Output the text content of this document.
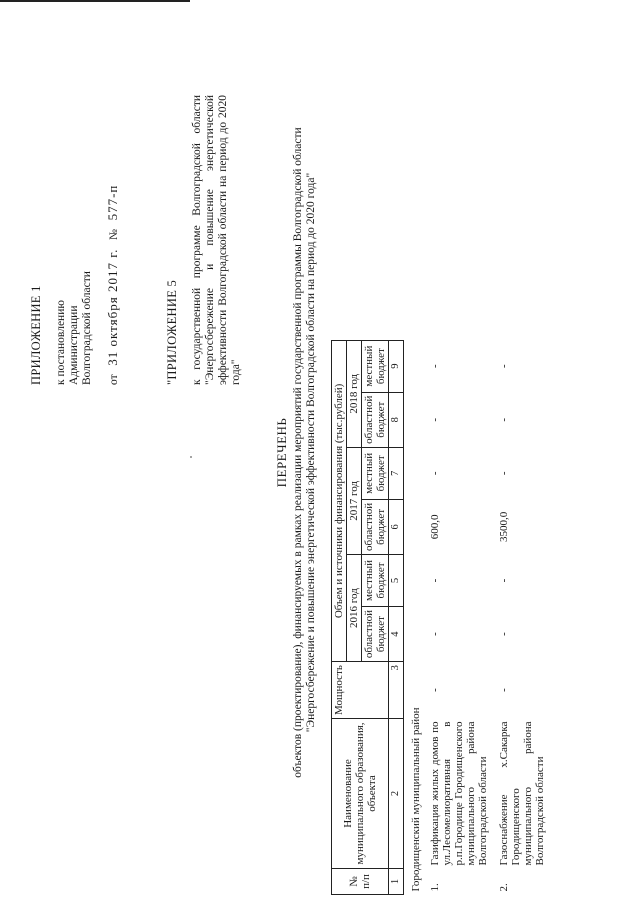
ПРИЛОЖЕНИЕ 1 к постановлению Администрации Волгоградской области от   31 октября 2017 г.   №   577-п
"ПРИЛОЖЕНИЕ 5 к государственной программе Волгоградской области "Энергосбережение и повышение энергетической эффективности Волгоградской области на период до 2020 года"
ПЕРЕЧЕНЬ объектов (проектирование), финансируемых в рамках реализации мероприятий государственной программы Волгоградской области "Энергосбережение и повышение энергетической эффективности Волгоградской области на период до 2020 года"
№ п/п	Наименование муниципального образования, объекта	Мощность	Объем и источники финансирования (тыс.рублей)					
			2016 год		2017 год		2018 год	
			областной бюджет	местный бюджет	областной бюджет	местный бюджет	областной бюджет	местный бюджет
1	2	3	4	5	6	7	8	9
Городищенский муниципальный район								
1.	Газификация жилых домов по ул.Лесомелиоративная в р.п.Городище Городищенского муниципального района Волгоградской области	-	-	-	600,0	-	-	-
2.	Газоснабжение х.Сакарка Городищенского муниципального района Волгоградской области	-	-	-	3500,0	-	-	-
